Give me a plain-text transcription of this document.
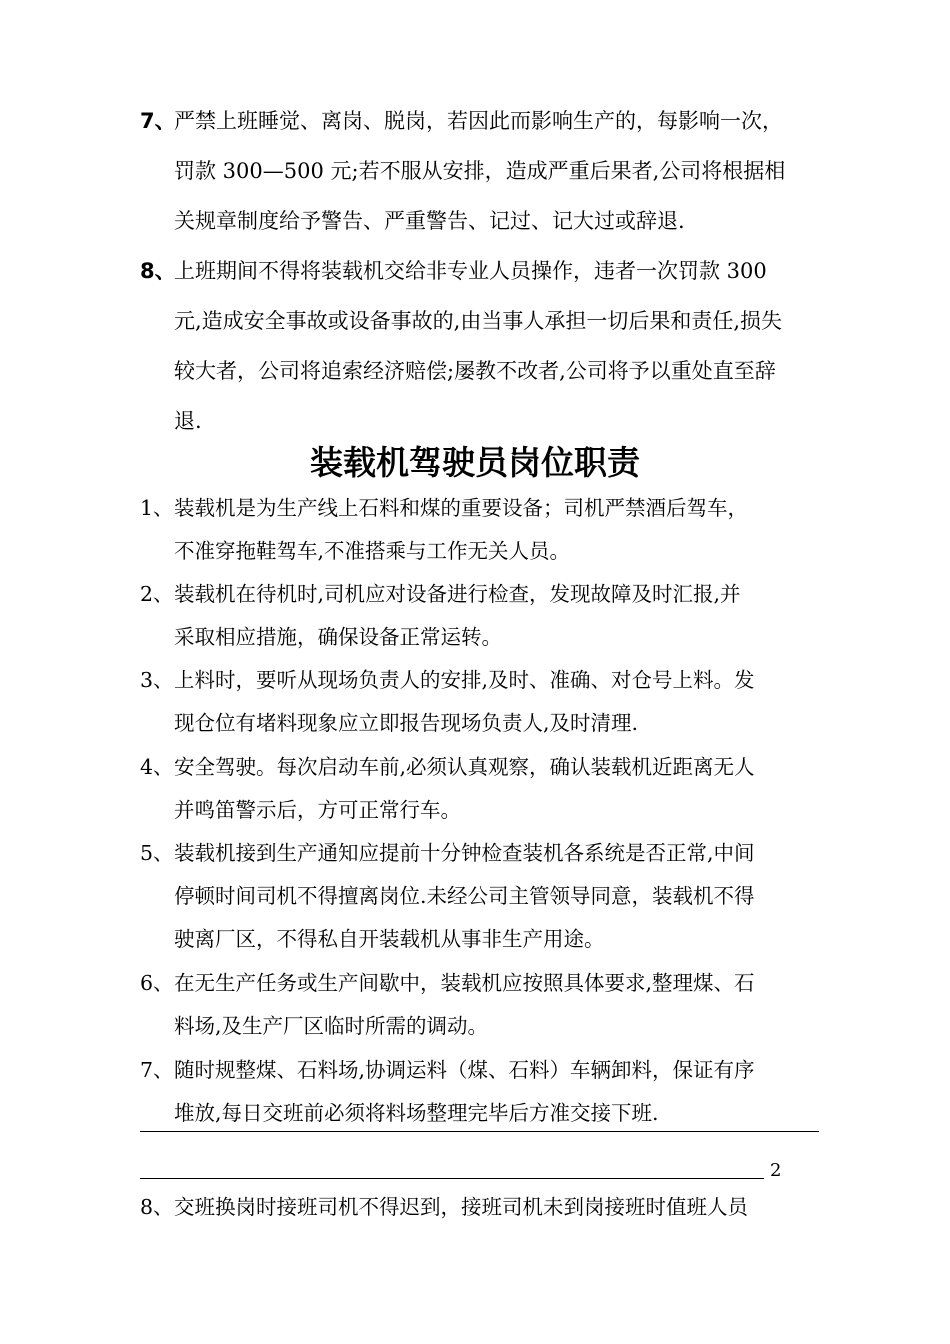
7、
严禁上班睡觉、离岗、脱岗，若因此而影响生产的，每影响一次，
罚款 300—500 元;若不服从安排，造成严重后果者,公司将根据相
关规章制度给予警告、严重警告、记过、记大过或辞退.
8、
上班期间不得将装载机交给非专业人员操作，违者一次罚款 300
元,造成安全事故或设备事故的,由当事人承担一切后果和责任,损失
较大者，公司将追索经济赔偿;屡教不改者,公司将予以重处直至辞
退.
装载机驾驶员岗位职责
1、 装载机是为生产线上石料和煤的重要设备；司机严禁酒后驾车，
不准穿拖鞋驾车,不准搭乘与工作无关人员。
2、 装载机在待机时,司机应对设备进行检查，发现故障及时汇报,并
采取相应措施，确保设备正常运转。
3、 上料时，要听从现场负责人的安排,及时、准确、对仓号上料。发
现仓位有堵料现象应立即报告现场负责人,及时清理.
4、 安全驾驶。每次启动车前,必须认真观察，确认装载机近距离无人
并鸣笛警示后，方可正常行车。
5、 装载机接到生产通知应提前十分钟检查装机各系统是否正常,中间
停顿时间司机不得擅离岗位.未经公司主管领导同意，装载机不得
驶离厂区，不得私自开装载机从事非生产用途。
6、 在无生产任务或生产间歇中，装载机应按照具体要求,整理煤、石
料场,及生产厂区临时所需的调动。
7、 随时规整煤、石料场,协调运料（煤、石料）车辆卸料，保证有序
堆放,每日交班前必须将料场整理完毕后方准交接下班.
2
8、 交班换岗时接班司机不得迟到，接班司机未到岗接班时值班人员
